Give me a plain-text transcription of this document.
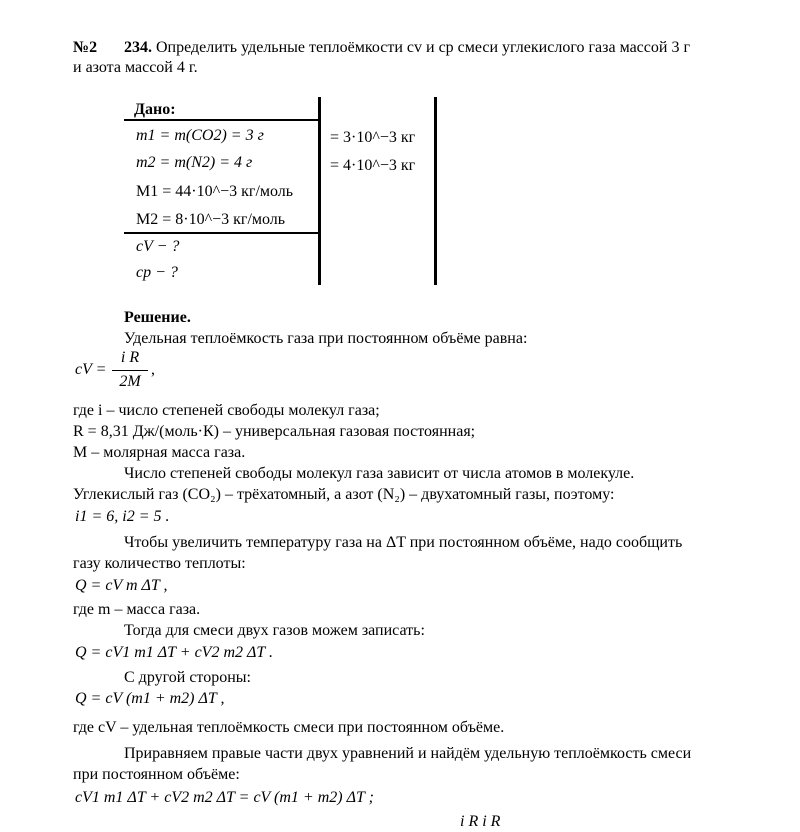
№2 234. Определить удельные теплоёмкости cv и cp смеси углекислого газа массой 3 г
и азота массой 4 г.
Дано:
m1 = m(CO2) = 3 г
m2 = m(N2) = 4 г
M1 = 44·10^−3 кг/моль
M2 = 8·10^−3 кг/моль
cV − ?
cp − ?
= 3·10^−3 кг
= 4·10^−3 кг
Решение.
Удельная теплоёмкость газа при постоянном объёме равна:
cV =
i R
2M
,
где i – число степеней свободы молекул газа;
R = 8,31 Дж/(моль·К) – универсальная газовая постоянная;
M – молярная масса газа.
Число степеней свободы молекул газа зависит от числа атомов в молекуле.
Углекислый газ (CO₂) – трёхатомный, а азот (N₂) – двухатомный газы, поэтому:
i1 = 6, i2 = 5 .
Чтобы увеличить температуру газа на ΔT при постоянном объёме, надо сообщить
газу количество теплоты:
Q = cV m ΔT ,
где m – масса газа.
Тогда для смеси двух газов можем записать:
Q = cV1 m1 ΔT + cV2 m2 ΔT .
С другой стороны:
Q = cV (m1 + m2) ΔT ,
где cV – удельная теплоёмкость смеси при постоянном объёме.
Приравняем правые части двух уравнений и найдём удельную теплоёмкость смеси
при постоянном объёме:
cV1 m1 ΔT + cV2 m2 ΔT = cV (m1 + m2) ΔT ;
i R i R
